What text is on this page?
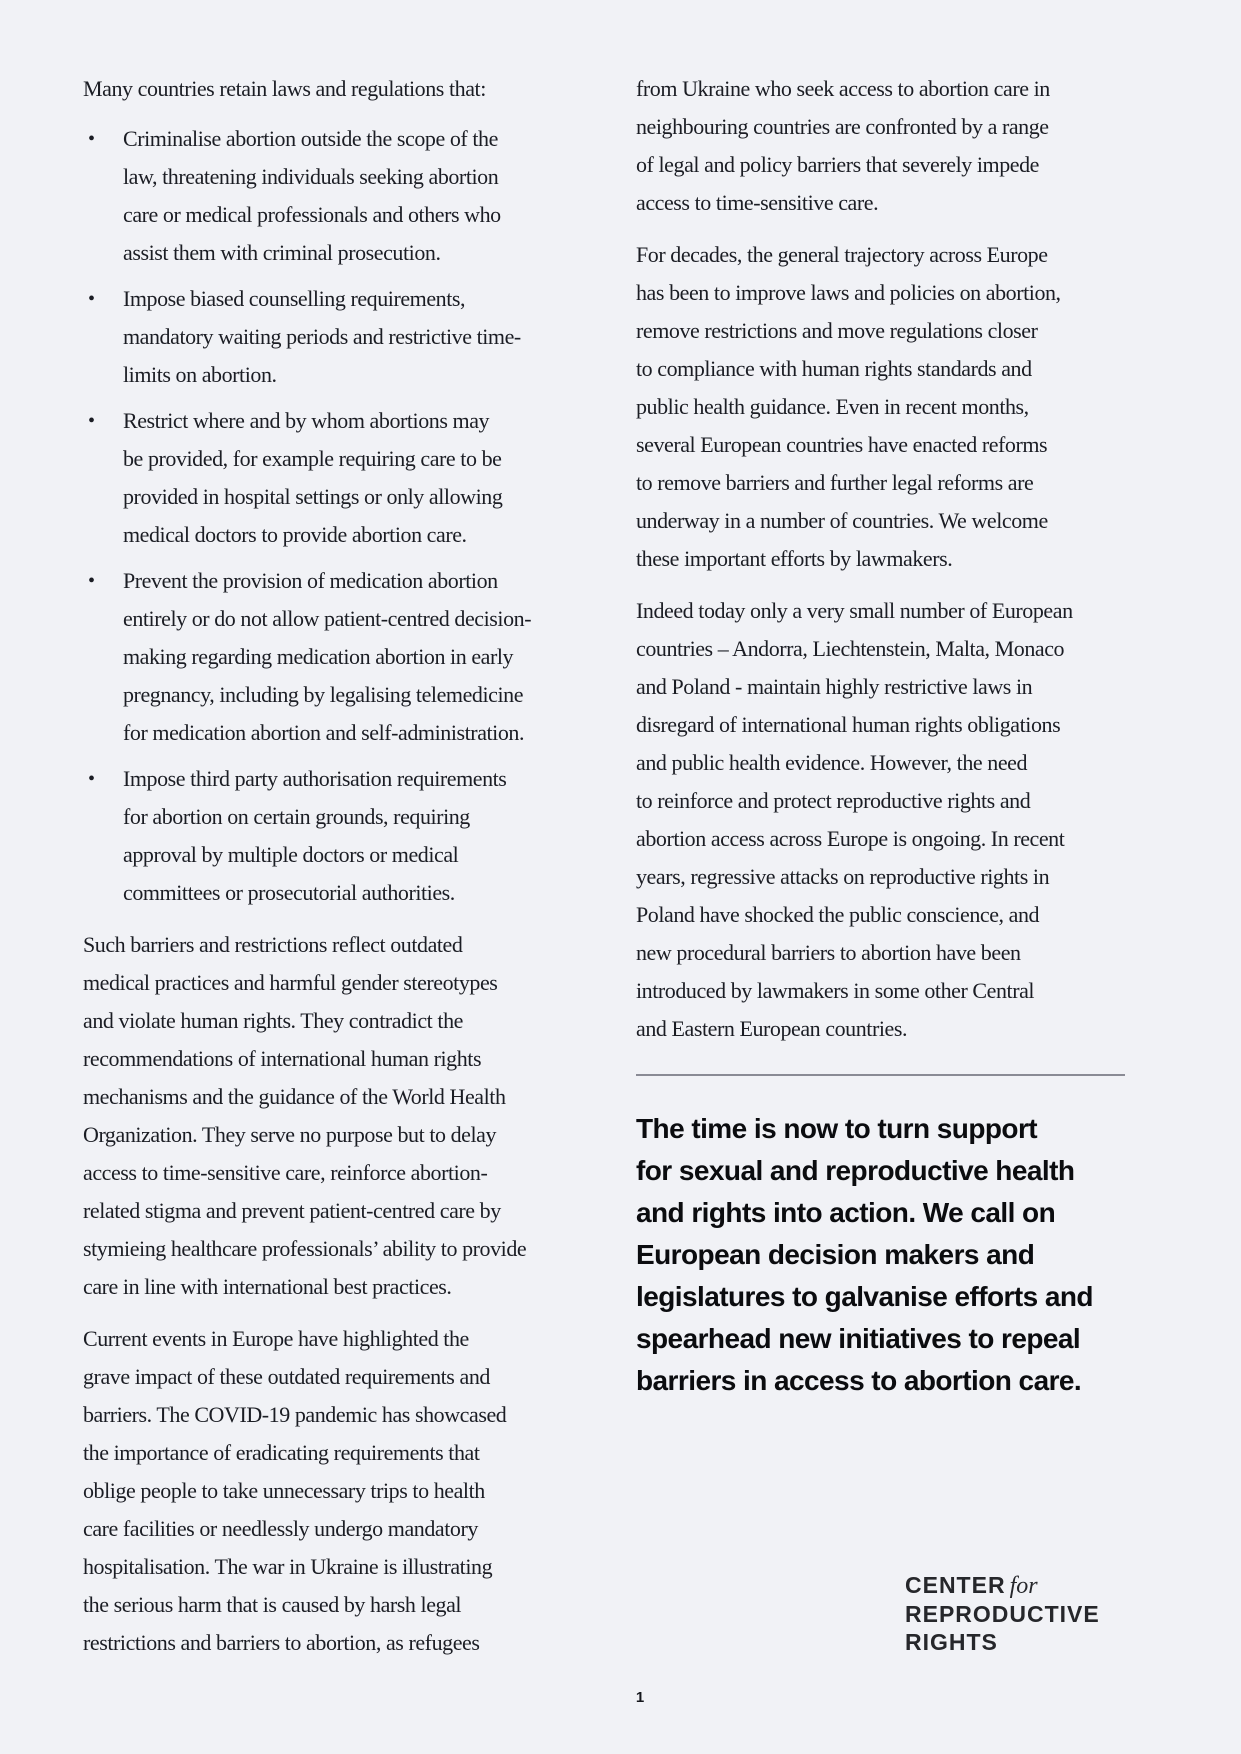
Many countries retain laws and regulations that:
• Criminalise abortion outside the scope of the
law, threatening individuals seeking abortion
care or medical professionals and others who
assist them with criminal prosecution.
• Impose biased counselling requirements,
mandatory waiting periods and restrictive time-
limits on abortion.
• Restrict where and by whom abortions may
be provided, for example requiring care to be
provided in hospital settings or only allowing
medical doctors to provide abortion care.
• Prevent the provision of medication abortion
entirely or do not allow patient-centred decision-
making regarding medication abortion in early
pregnancy, including by legalising telemedicine
for medication abortion and self-administration.
• Impose third party authorisation requirements
for abortion on certain grounds, requiring
approval by multiple doctors or medical
committees or prosecutorial authorities.
Such barriers and restrictions reflect outdated
medical practices and harmful gender stereotypes
and violate human rights. They contradict the
recommendations of international human rights
mechanisms and the guidance of the World Health
Organization. They serve no purpose but to delay
access to time-sensitive care, reinforce abortion-
related stigma and prevent patient-centred care by
stymieing healthcare professionals’ ability to provide
care in line with international best practices.
Current events in Europe have highlighted the
grave impact of these outdated requirements and
barriers. The COVID-19 pandemic has showcased
the importance of eradicating requirements that
oblige people to take unnecessary trips to health
care facilities or needlessly undergo mandatory
hospitalisation. The war in Ukraine is illustrating
the serious harm that is caused by harsh legal
restrictions and barriers to abortion, as refugees
from Ukraine who seek access to abortion care in
neighbouring countries are confronted by a range
of legal and policy barriers that severely impede
access to time-sensitive care.
For decades, the general trajectory across Europe
has been to improve laws and policies on abortion,
remove restrictions and move regulations closer
to compliance with human rights standards and
public health guidance. Even in recent months,
several European countries have enacted reforms
to remove barriers and further legal reforms are
underway in a number of countries. We welcome
these important efforts by lawmakers.
Indeed today only a very small number of European
countries – Andorra, Liechtenstein, Malta, Monaco
and Poland - maintain highly restrictive laws in
disregard of international human rights obligations
and public health evidence. However, the need
to reinforce and protect reproductive rights and
abortion access across Europe is ongoing. In recent
years, regressive attacks on reproductive rights in
Poland have shocked the public conscience, and
new procedural barriers to abortion have been
introduced by lawmakers in some other Central
and Eastern European countries.
The time is now to turn support
for sexual and reproductive health
and rights into action. We call on
European decision makers and
legislatures to galvanise efforts and
spearhead new initiatives to repeal
barriers in access to abortion care.
CENTER for
REPRODUCTIVE
RIGHTS
1
